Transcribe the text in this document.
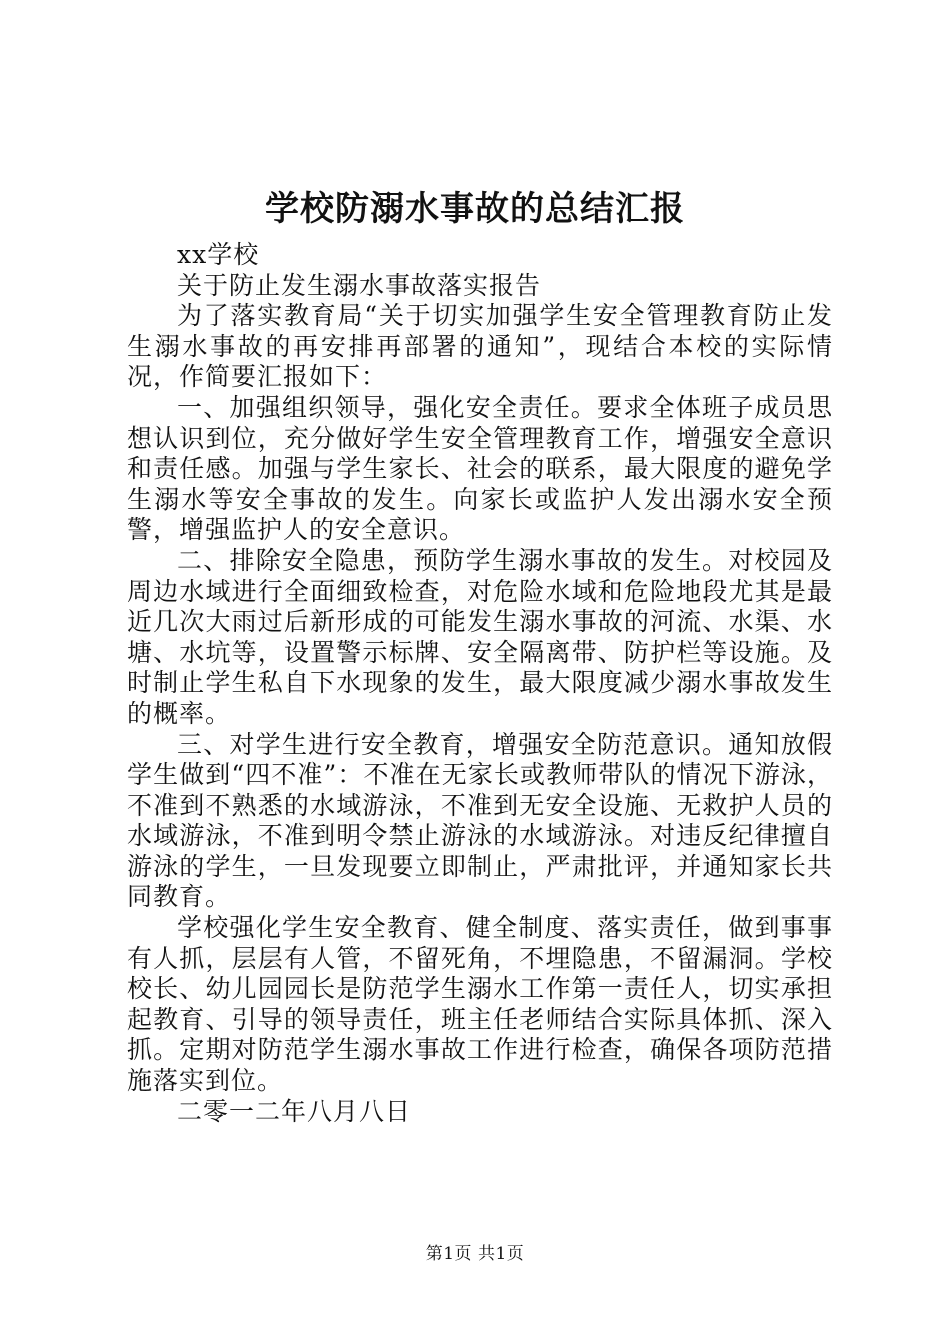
学校防溺水事故的总结汇报

xx学校

关于防止发生溺水事故落实报告

为了落实教育局“关于切实加强学生安全管理教育防止发生溺水事故的再安排再部署的通知”，现结合本校的实际情况，作简要汇报如下：

一、加强组织领导，强化安全责任。要求全体班子成员思想认识到位，充分做好学生安全管理教育工作，增强安全意识和责任感。加强与学生家长、社会的联系，最大限度的避免学生溺水等安全事故的发生。向家长或监护人发出溺水安全预警，增强监护人的安全意识。

二、排除安全隐患，预防学生溺水事故的发生。对校园及周边水域进行全面细致检查，对危险水域和危险地段尤其是最近几次大雨过后新形成的可能发生溺水事故的河流、水渠、水塘、水坑等，设置警示标牌、安全隔离带、防护栏等设施。及时制止学生私自下水现象的发生，最大限度减少溺水事故发生的概率。

三、对学生进行安全教育，增强安全防范意识。通知放假学生做到“四不准”：不准在无家长或教师带队的情况下游泳，不准到不熟悉的水域游泳，不准到无安全设施、无救护人员的水域游泳，不准到明令禁止游泳的水域游泳。对违反纪律擅自游泳的学生，一旦发现要立即制止，严肃批评，并通知家长共同教育。

学校强化学生安全教育、健全制度、落实责任，做到事事有人抓，层层有人管，不留死角，不埋隐患，不留漏洞。学校校长、幼儿园园长是防范学生溺水工作第一责任人，切实承担起教育、引导的领导责任，班主任老师结合实际具体抓、深入抓。定期对防范学生溺水事故工作进行检查，确保各项防范措施落实到位。

二零一二年八月八日

第1页 共1页
